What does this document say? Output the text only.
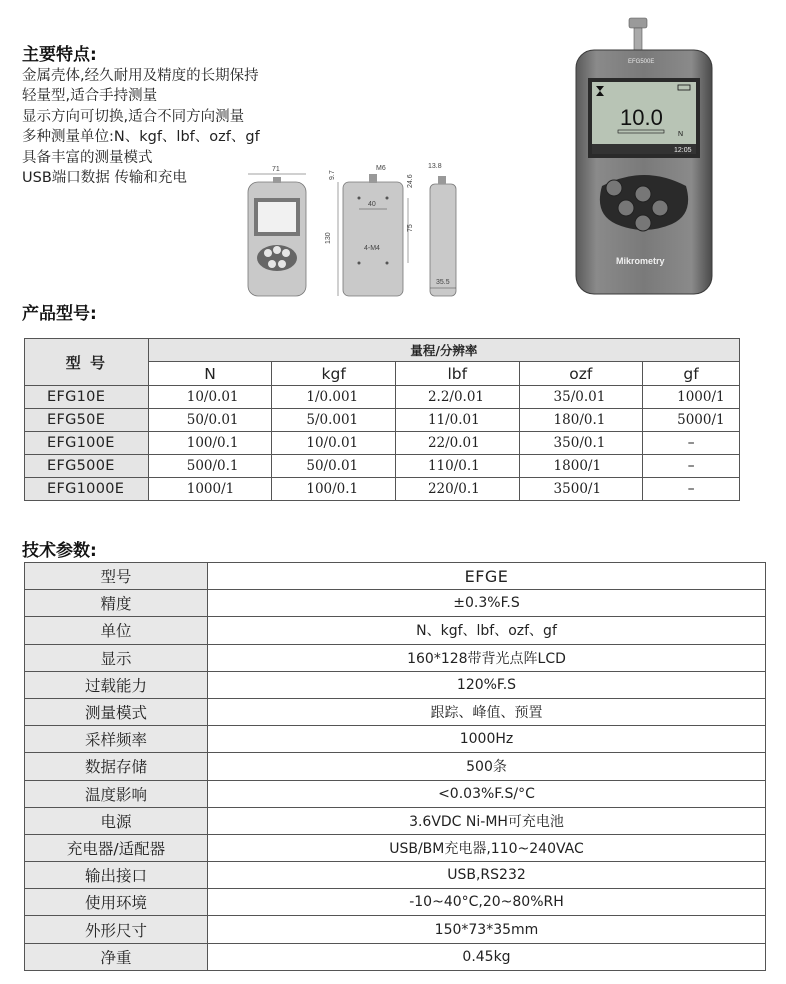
主要特点:
金属壳体,经久耐用及精度的长期保持
轻量型,适合手持测量
显示方向可切换,适合不同方向测量
多种测量单位:N、kgf、lbf、ozf、gf
具备丰富的测量模式
USB端口数据 传输和充电
71	M6
9.7	24.6
40
130
75
4-M4
13.8
35.5
EFG500E
10.0
N
12:05
Mikrometry
产品型号:
型 号	量程/分辨率				
	N	kgf	lbf	ozf	gf
EFG10E	10/0.01	1/0.001	2.2/0.01	35/0.01	1000/1
EFG50E	50/0.01	5/0.001	11/0.01	180/0.1	5000/1
EFG100E	100/0.1	10/0.01	22/0.01	350/0.1	–
EFG500E	500/0.1	50/0.01	110/0.1	1800/1	–
EFG1000E	1000/1	100/0.1	220/0.1	3500/1	–
技术参数:
型号	EFGE
精度	±0.3%F.S
单位	N、kgf、lbf、ozf、gf
显示	160*128带背光点阵LCD
过载能力	120%F.S
测量模式	跟踪、峰值、预置
采样频率	1000Hz
数据存储	500条
温度影响	<0.03%F.S/°C
电源	3.6VDC Ni-MH可充电池
充电器/适配器	USB/BM充电器,110~240VAC
输出接口	USB,RS232
使用环境	-10~40°C,20~80%RH
外形尺寸	150*73*35mm
净重	0.45kg
